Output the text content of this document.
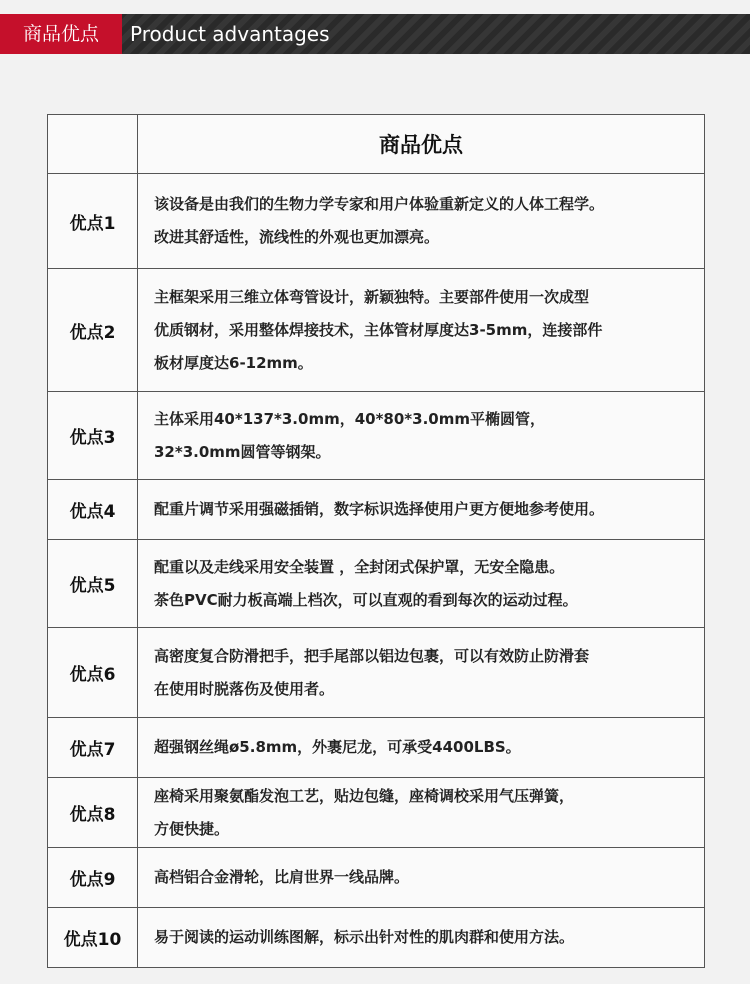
商品优点	Product advantages
	商品优点
优点1	该设备是由我们的生物力学专家和用户体验重新定义的人体工程学。
改进其舒适性，流线性的外观也更加漂亮。

优点2	主框架采用三维立体弯管设计，新颖独特。主要部件使用一次成型
优质钢材，采用整体焊接技术，主体管材厚度达3-5mm，连接部件
板材厚度达6-12mm。

优点3	主体采用40*137*3.0mm，40*80*3.0mm平椭圆管，
32*3.0mm圆管等钢架。

优点4	配重片调节采用强磁插销，数字标识选择使用户更方便地参考使用。

优点5	配重以及走线采用安全装置 ，全封闭式保护罩，无安全隐患。
茶色PVC耐力板高端上档次，可以直观的看到每次的运动过程。

优点6	高密度复合防滑把手，把手尾部以铝边包裹，可以有效防止防滑套
在使用时脱落伤及使用者。

优点7	超强钢丝绳ø5.8mm，外裹尼龙，可承受4400LBS。

优点8	座椅采用聚氨酯发泡工艺，贴边包缝，座椅调校采用气压弹簧，
方便快捷。

优点9	高档铝合金滑轮，比肩世界一线品牌。

优点10	易于阅读的运动训练图解，标示出针对性的肌肉群和使用方法。
